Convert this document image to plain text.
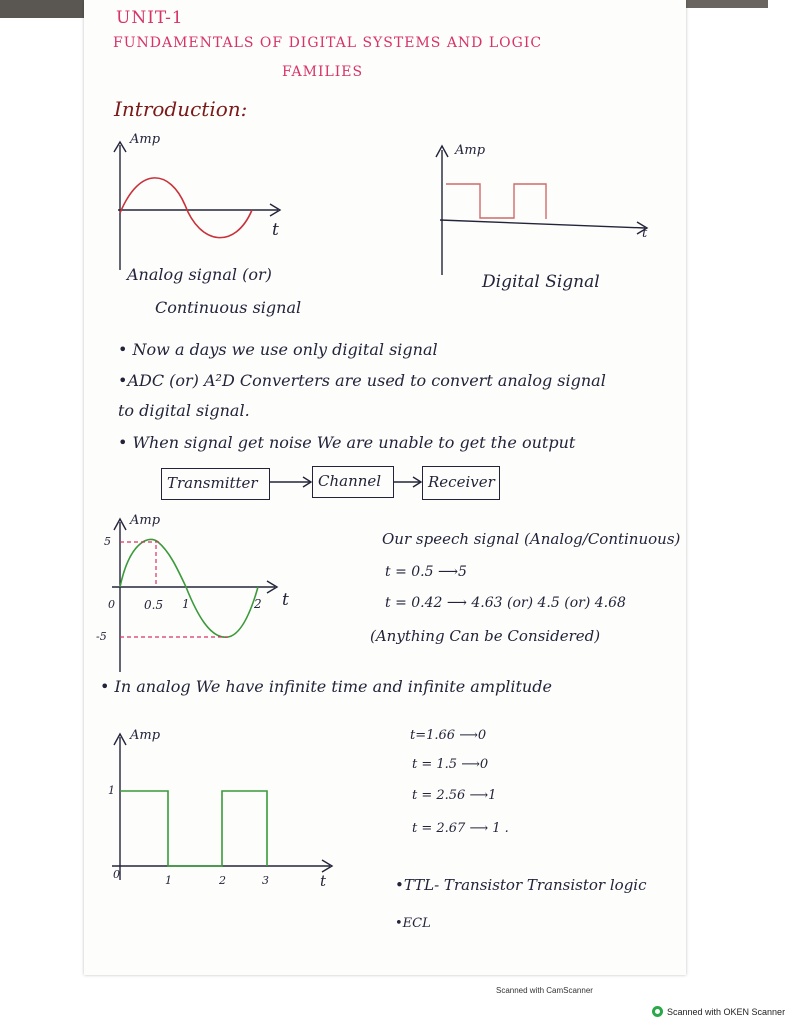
UNIT-1
FUNDAMENTALS OF DIGITAL SYSTEMS AND LOGIC
FAMILIES
Introduction:
Amp
t
Analog signal (or)
Continuous signal
Amp
t
Digital Signal
• Now a days we use only digital signal
•ADC (or) A²D Converters are used to convert analog signal
to digital signal.
• When signal get noise We are unable to get the output
Transmitter	Channel	Receiver
Amp
5
-5
0 0.5 1	2 t
Our speech signal (Analog/Continuous)
t = 0.5 ⟶5
t = 0.42 ⟶ 4.63 (or) 4.5 (or) 4.68
(Anything Can be Considered)
• In analog We have infinite time and infinite amplitude
Amp
1
0	1	2	3	t
t=1.66 ⟶0
t = 1.5 ⟶0
t = 2.56 ⟶1
t = 2.67 ⟶ 1 .
•TTL- Transistor Transistor logic
•ECL
Scanned with CamScanner
Scanned with OKEN Scanner
